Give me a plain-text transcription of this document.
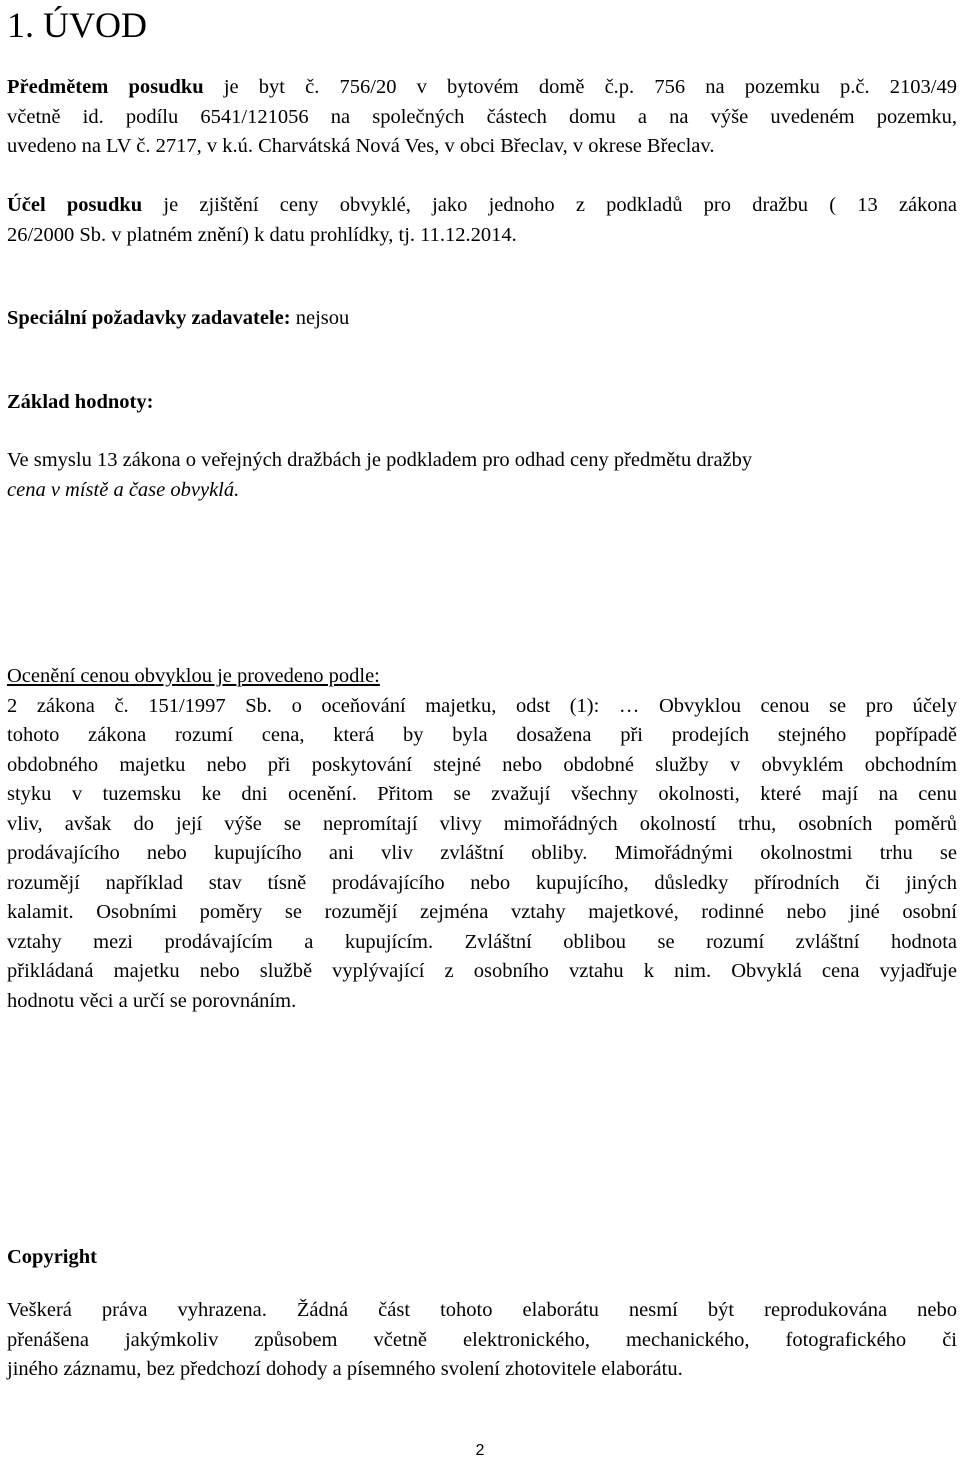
1. ÚVOD

Předmětem posudku je byt č. 756/20 v bytovém domě č.p. 756 na pozemku p.č. 2103/49

včetně id. podílu 6541/121056 na společných částech domu a na výše uvedeném pozemku,

uvedeno na LV č. 2717, v k.ú. Charvátská Nová Ves, v obci Břeclav, v okrese Břeclav.

Účel posudku je zjištění ceny obvyklé, jako jednoho z podkladů pro dražbu ( 13 zákona

26/2000 Sb. v platném znění) k datu prohlídky, tj. 11.12.2014.

Speciální požadavky zadavatele: nejsou

Základ hodnoty:

Ve smyslu 13 zákona o veřejných dražbách je podkladem pro odhad ceny předmětu dražby

cena v místě a čase obvyklá.

Ocenění cenou obvyklou je provedeno podle:

2 zákona č. 151/1997 Sb. o oceňování majetku, odst (1): … Obvyklou cenou se pro účely

tohoto zákona rozumí cena, která by byla dosažena při prodejích stejného popřípadě

obdobného majetku nebo při poskytování stejné nebo obdobné služby v obvyklém obchodním

styku v tuzemsku ke dni ocenění. Přitom se zvažují všechny okolnosti, které mají na cenu

vliv, avšak do její výše se nepromítají vlivy mimořádných okolností trhu, osobních poměrů

prodávajícího nebo kupujícího ani vliv zvláštní obliby. Mimořádnými okolnostmi trhu se

rozumějí například stav tísně prodávajícího nebo kupujícího, důsledky přírodních či jiných

kalamit. Osobními poměry se rozumějí zejména vztahy majetkové, rodinné nebo jiné osobní

vztahy mezi prodávajícím a kupujícím. Zvláštní oblibou se rozumí zvláštní hodnota

přikládaná majetku nebo službě vyplývající z osobního vztahu k nim. Obvyklá cena vyjadřuje

hodnotu věci a určí se porovnáním.

Copyright

Veškerá práva vyhrazena. Žádná část tohoto elaborátu nesmí být reprodukována nebo

přenášena jakýmkoliv způsobem včetně elektronického, mechanického, fotografického či

jiného záznamu, bez předchozí dohody a písemného svolení zhotovitele elaborátu.

2
